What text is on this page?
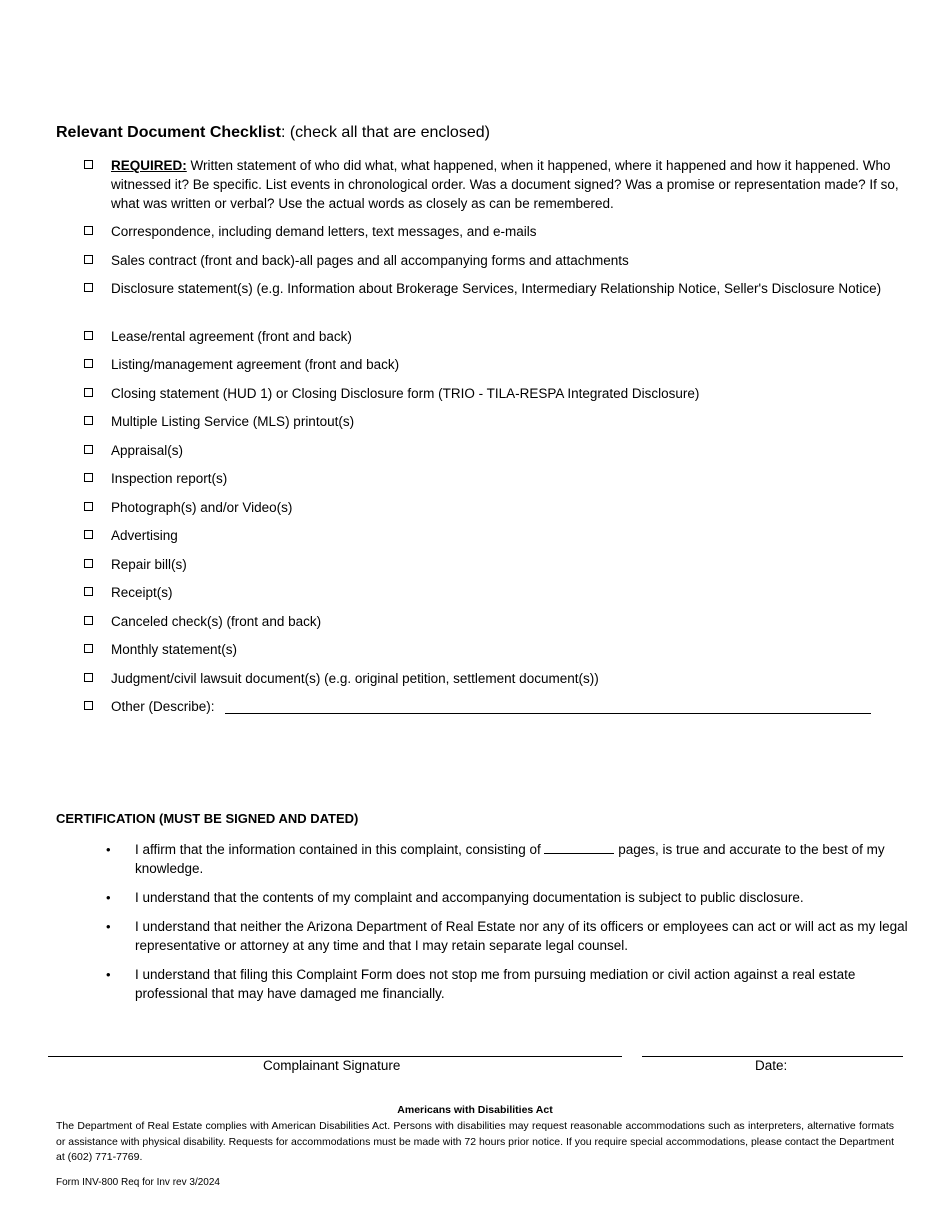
Relevant Document Checklist: (check all that are enclosed)
REQUIRED: Written statement of who did what, what happened, when it happened, where it happened and how it happened. Who witnessed it? Be specific. List events in chronological order. Was a document signed? Was a promise or representation made? If so, what was written or verbal? Use the actual words as closely as can be remembered.
Correspondence, including demand letters, text messages, and e-mails
Sales contract (front and back)-all pages and all accompanying forms and attachments
Disclosure statement(s) (e.g. Information about Brokerage Services, Intermediary Relationship Notice, Seller's Disclosure Notice)
Lease/rental agreement (front and back)
Listing/management agreement (front and back)
Closing statement (HUD 1) or Closing Disclosure form (TRIO - TILA-RESPA Integrated Disclosure)
Multiple Listing Service (MLS) printout(s)
Appraisal(s)
Inspection report(s)
Photograph(s) and/or Video(s)
Advertising
Repair bill(s)
Receipt(s)
Canceled check(s) (front and back)
Monthly statement(s)
Judgment/civil lawsuit document(s) (e.g. original petition, settlement document(s))
Other (Describe):
CERTIFICATION (MUST BE SIGNED AND DATED)
• I affirm that the information contained in this complaint, consisting of	pages, is true and accurate to the best of my knowledge.
• I understand that the contents of my complaint and accompanying documentation is subject to public disclosure.
• I understand that neither the Arizona Department of Real Estate nor any of its officers or employees can act or will act as my legal representative or attorney at any time and that I may retain separate legal counsel.
• I understand that filing this Complaint Form does not stop me from pursuing mediation or civil action against a real estate professional that may have damaged me financially.
Complainant Signature	Date:
Americans with Disabilities Act
The Department of Real Estate complies with American Disabilities Act. Persons with disabilities may request reasonable accommodations such as interpreters, alternative formats or assistance with physical disability. Requests for accommodations must be made with 72 hours prior notice. If you require special accommodations, please contact the Department at (602) 771-7769.
Form INV-800 Req for Inv rev 3/2024
